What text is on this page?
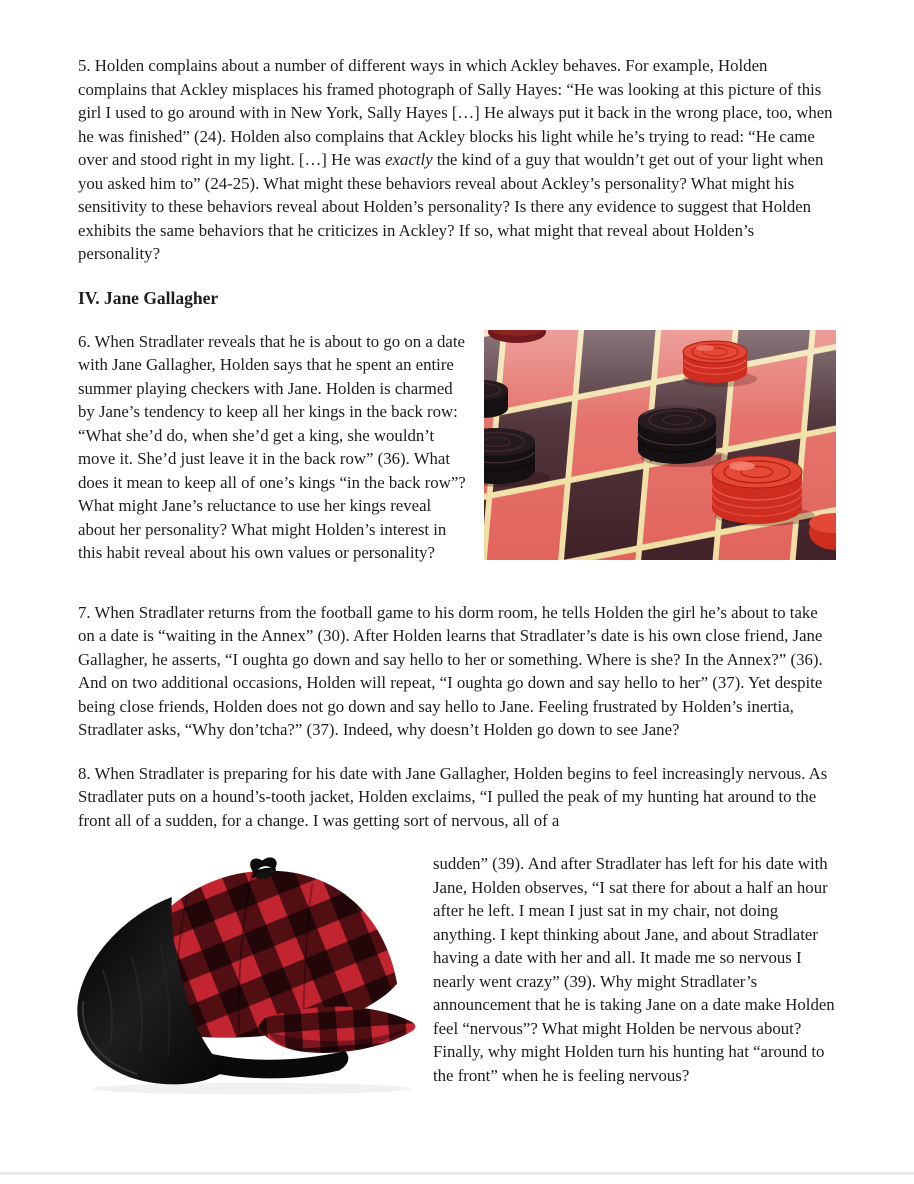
5. Holden complains about a number of different ways in which Ackley behaves. For example, Holden complains that Ackley misplaces his framed photograph of Sally Hayes: “He was looking at this picture of this girl I used to go around with in New York, Sally Hayes […] He always put it back in the wrong place, too, when he was finished” (24). Holden also complains that Ackley blocks his light while he’s trying to read: “He came over and stood right in my light. […] He was exactly the kind of a guy that wouldn’t get out of your light when you asked him to” (24-25). What might these behaviors reveal about Ackley’s personality? What might his sensitivity to these behaviors reveal about Holden’s personality? Is there any evidence to suggest that Holden exhibits the same behaviors that he criticizes in Ackley? If so, what might that reveal about Holden’s personality?

IV. Jane Gallagher

6. When Stradlater reveals that he is about to go on a date with Jane Gallagher, Holden says that he spent an entire summer playing checkers with Jane. Holden is charmed by Jane’s tendency to keep all her kings in the back row: “What she’d do, when she’d get a king, she wouldn’t move it. She’d just leave it in the back row” (36). What does it mean to keep all of one’s kings “in the back row”? What might Jane’s reluctance to use her kings reveal about her personality? What might Holden’s interest in this habit reveal about his own values or personality?

7. When Stradlater returns from the football game to his dorm room, he tells Holden the girl he’s about to take on a date is “waiting in the Annex” (30). After Holden learns that Stradlater’s date is his own close friend, Jane Gallagher, he asserts, “I oughta go down and say hello to her or something. Where is she? In the Annex?” (36). And on two additional occasions, Holden will repeat, “I oughta go down and say hello to her” (37). Yet despite being close friends, Holden does not go down and say hello to Jane. Feeling frustrated by Holden’s inertia, Stradlater asks, “Why don’tcha?” (37). Indeed, why doesn’t Holden go down to see Jane?

8. When Stradlater is preparing for his date with Jane Gallagher, Holden begins to feel increasingly nervous. As Stradlater puts on a hound’s-tooth jacket, Holden exclaims, “I pulled the peak of my hunting hat around to the front all of a sudden, for a change. I was getting sort of nervous, all of a

sudden” (39). And after Stradlater has left for his date with Jane, Holden observes, “I sat there for about a half an hour after he left. I mean I just sat in my chair, not doing anything. I kept thinking about Jane, and about Stradlater having a date with her and all. It made me so nervous I nearly went crazy” (39). Why might Stradlater’s announcement that he is taking Jane on a date make Holden feel “nervous”? What might Holden be nervous about? Finally, why might Holden turn his hunting hat “around to the front” when he is feeling nervous?
